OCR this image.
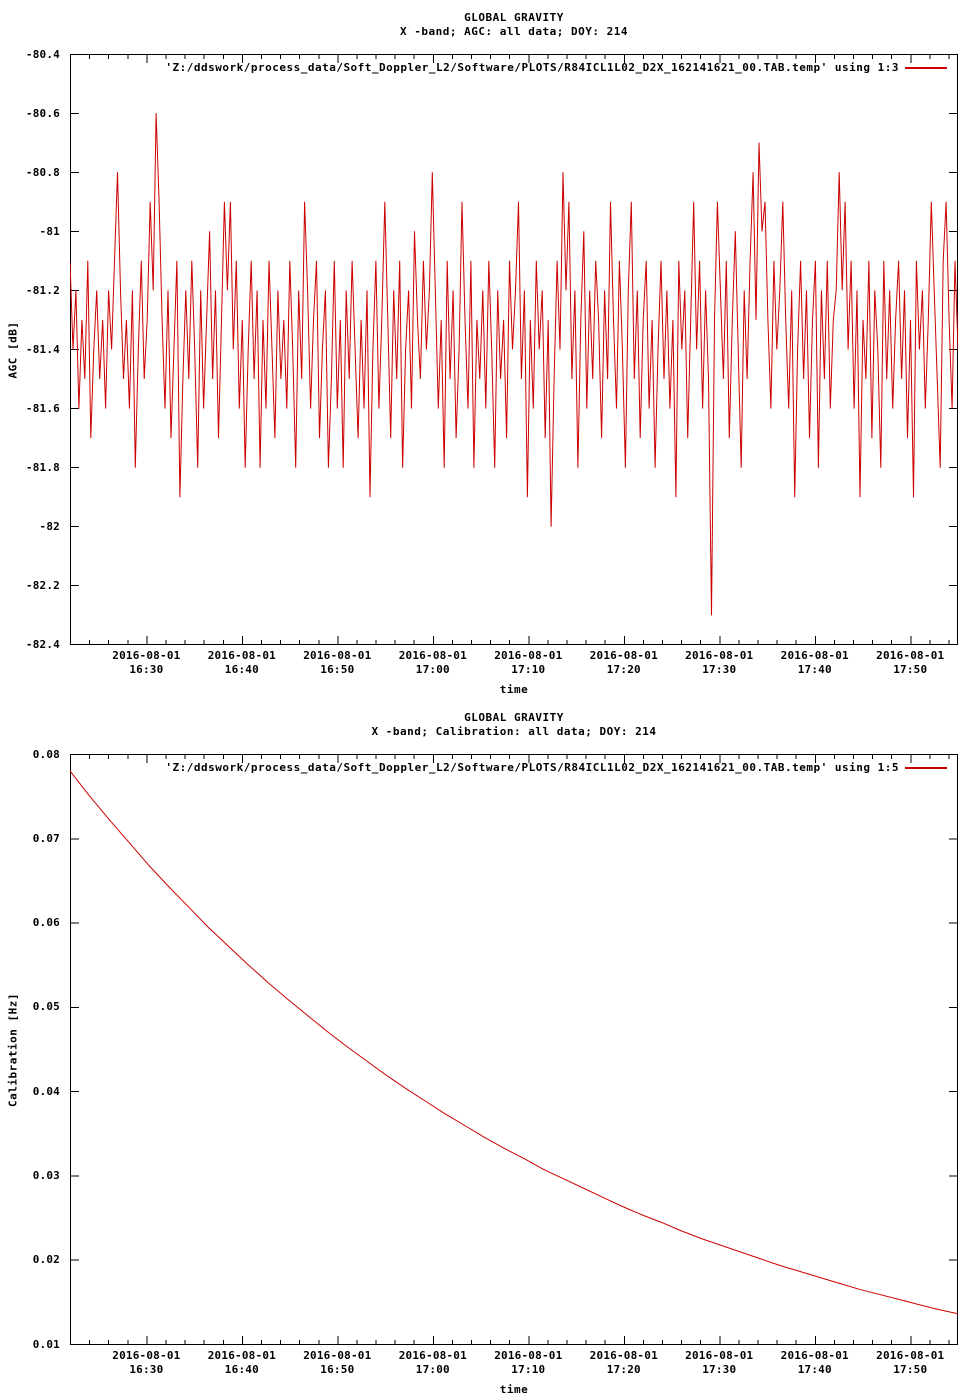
GLOBAL GRAVITY
X -band; AGC: all data; DOY: 214
'Z:/ddswork/process_data/Soft_Doppler_L2/Software/PLOTS/R84ICL1L02_D2X_162141621_00.TAB.temp' using 1:3
AGC [dB]
time
2016-08-01
16:30
2016-08-01
16:40
2016-08-01
16:50
2016-08-01
17:00
2016-08-01
17:10
2016-08-01
17:20
2016-08-01
17:30
2016-08-01
17:40
2016-08-01
17:50
-80.4
-80.6
-80.8
-81
-81.2
-81.4
-81.6
-81.8
-82
-82.2
-82.4
GLOBAL GRAVITY
X -band; Calibration: all data; DOY: 214
'Z:/ddswork/process_data/Soft_Doppler_L2/Software/PLOTS/R84ICL1L02_D2X_162141621_00.TAB.temp' using 1:5
Calibration [Hz]
time
2016-08-01
16:30
2016-08-01
16:40
2016-08-01
16:50
2016-08-01
17:00
2016-08-01
17:10
2016-08-01
17:20
2016-08-01
17:30
2016-08-01
17:40
2016-08-01
17:50
0.08
0.07
0.06
0.05
0.04
0.03
0.02
0.01
